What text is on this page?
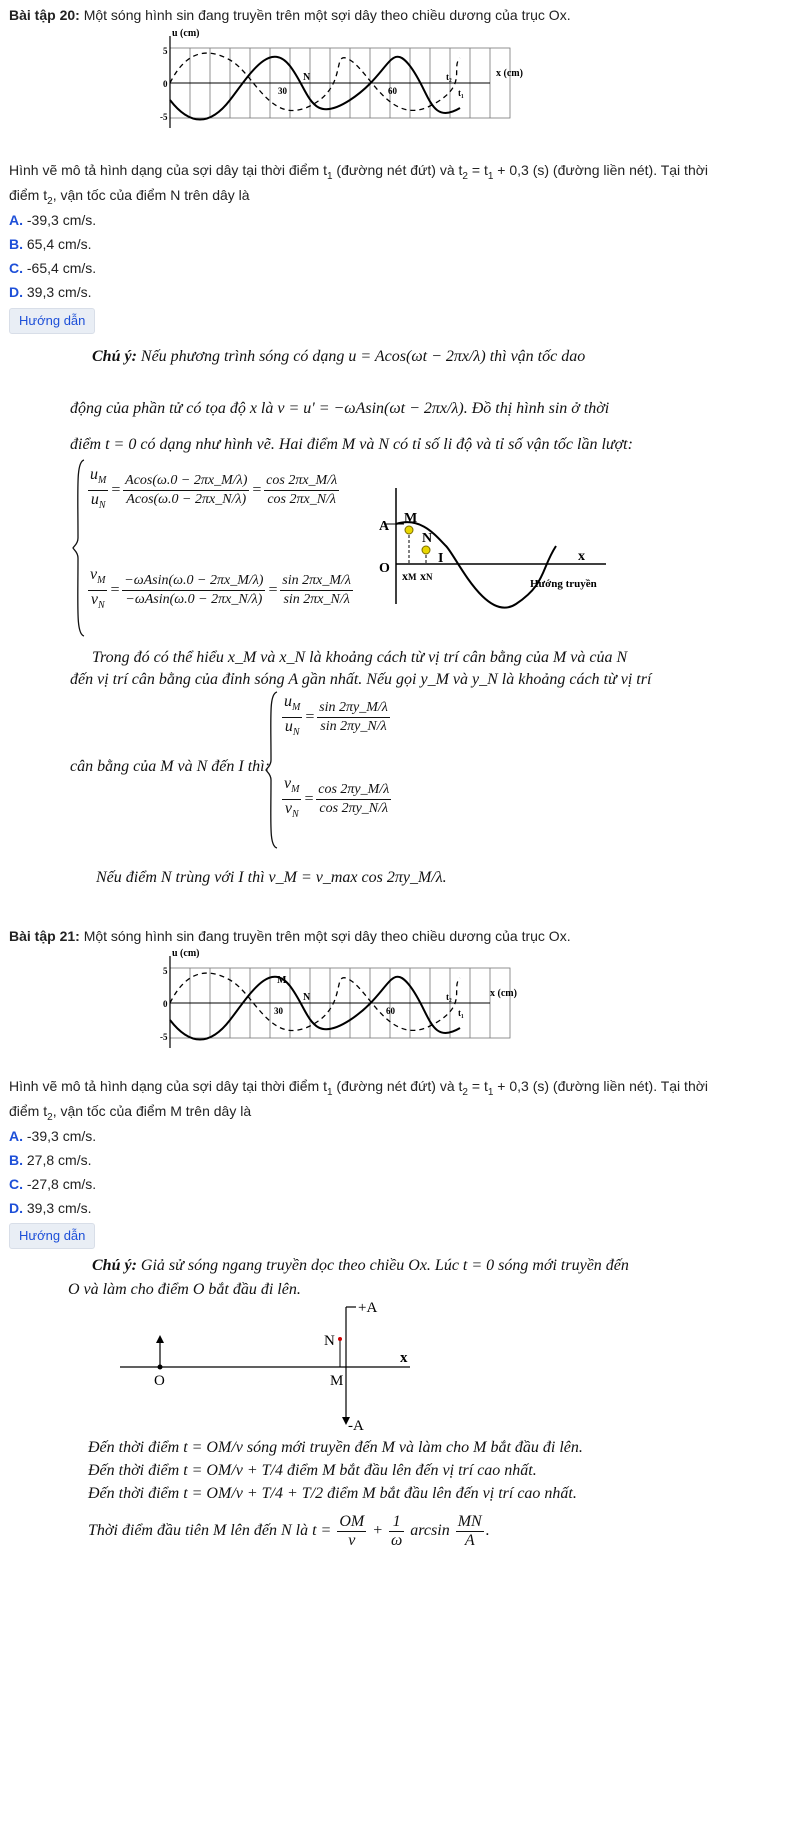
Bài tập 20: Một sóng hình sin đang truyền trên một sợi dây theo chiều dương của trục Ox.

u (cm)
x (cm)
5
0
-5
30	60
N	t₂
t₁

Hình vẽ mô tả hình dạng của sợi dây tại thời điểm $t_1$ (đường nét đứt) và $t_2 = t_1 + 0,3$ (s) (đường liền nét). Tại thời

điểm $t_2$, vận tốc của điểm N trên dây là

A. -39,3 cm/s.

B. 65,4 cm/s.

C. -65,4 cm/s.

D. 39,3 cm/s.

Hướng dẫn
Chú ý: Nếu phương trình sóng có dạng u = Acos(ωt − 2πx/λ) thì vận tốc dao
động của phần tử có tọa độ x là v = u' = −ωAsin(ωt − 2πx/λ). Đồ thị hình sin ở thời
điểm t = 0 có dạng như hình vẽ. Hai điểm M và N có tỉ số li độ và tỉ số vận tốc lần lượt:
$\frac{u_M}{u_N} = \frac{Acos(\omega.0 - 2\pi x\_M/\lambda)}{Acos(\omega.0 - 2\pi x\_N/\lambda)} = \frac{\cos 2\pi x\_M/\lambda}{\cos 2\pi x\_N/\lambda}$
$\frac{v_M}{v_N} = \frac{-\omega Asin(\omega.0 - 2\pi x\_M/\lambda)}{-\omega Asin(\omega.0 - 2\pi x\_N/\lambda)} = \frac{\sin 2\pi x\_M/\lambda}{\sin 2\pi x\_N/\lambda}$
A
M
N
I
O
x
xM xN
Hướng truyền
Trong đó có thể hiểu x_M và x_N là khoảng cách từ vị trí cân bằng của M và của N
đến vị trí cân bằng của đỉnh sóng A gần nhất. Nếu gọi y_M và y_N là khoảng cách từ vị trí
cân bằng của M và N đến I thì:
$\frac{u_M}{u_N} = \frac{\sin 2\pi y\_M/\lambda}{\sin 2\pi y\_N/\lambda}$
$\frac{v_M}{v_N} = \frac{\cos 2\pi y\_M/\lambda}{\cos 2\pi y\_N/\lambda}$
Nếu điểm N trùng với I thì v_M = v_max cos 2πy_M/λ.

Bài tập 21: Một sóng hình sin đang truyền trên một sợi dây theo chiều dương của trục Ox.

u (cm)
x (cm)
5
0
-5
30	60
M
N	t₂
t₁

Hình vẽ mô tả hình dạng của sợi dây tại thời điểm $t_1$ (đường nét đứt) và $t_2 = t_1 + 0,3$ (s) (đường liền nét). Tại thời

điểm $t_2$, vận tốc của điểm M trên dây là

A. -39,3 cm/s.

B. 27,8 cm/s.

C. -27,8 cm/s.

D. 39,3 cm/s.

Hướng dẫn
Chú ý: Giả sử sóng ngang truyền dọc theo chiều Ox. Lúc t = 0 sóng mới truyền đến
O và làm cho điểm O bắt đầu đi lên.
+A
-A
N
M
O
x
Đến thời điểm t = OM/v sóng mới truyền đến M và làm cho M bắt đầu đi lên.
Đến thời điểm t = OM/v + T/4 điểm M bắt đầu lên đến vị trí cao nhất.
Đến thời điểm t = OM/v + T/4 + T/2 điểm M bắt đầu lên đến vị trí cao nhất.
Thời điểm đầu tiên M lên đến N là $t = \frac{OM}{v} + \frac{1}{\omega}$ $\arcsin \frac{MN}{A}$ .
